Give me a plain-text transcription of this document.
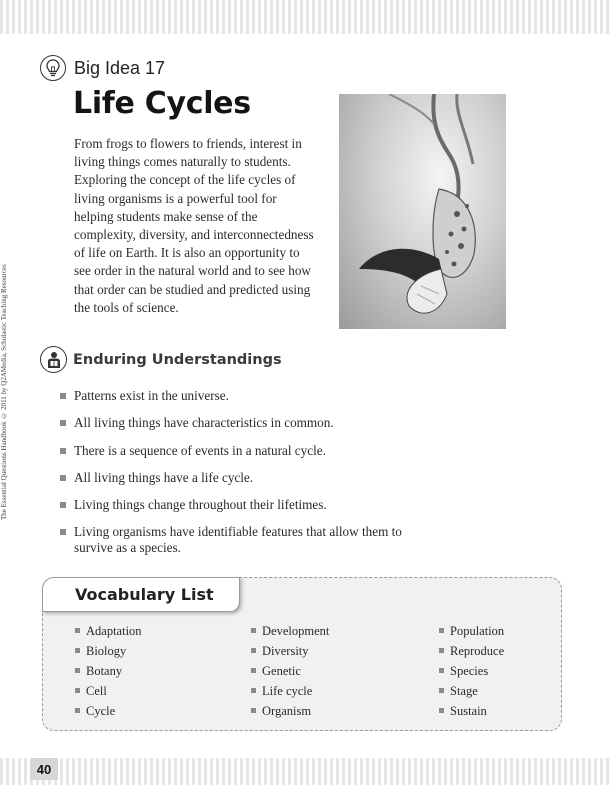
40
The Essential Questions Handbook © 2011 by Q2AMedia, Scholastic Teaching Resources
Big Idea 17
Life Cycles

From frogs to flowers to friends, interest in living things comes naturally to students. Exploring the concept of the life cycles of living organisms is a powerful tool for helping students make sense of the complexity, diversity, and interconnectedness of life on Earth. It is also an opportunity to see order in the natural world and to see how that order can be studied and predicted using the tools of science.

Enduring Understandings
Patterns exist in the universe.
All living things have characteristics in common.
There is a sequence of events in a natural cycle.
All living things have a life cycle.
Living things change throughout their lifetimes.
Living organisms have identifiable features that allow them to survive as a species.
Vocabulary List
Adaptation
Biology
Botany
Cell
Cycle
Development
Diversity
Genetic
Life cycle
Organism
Population
Reproduce
Species
Stage
Sustain
